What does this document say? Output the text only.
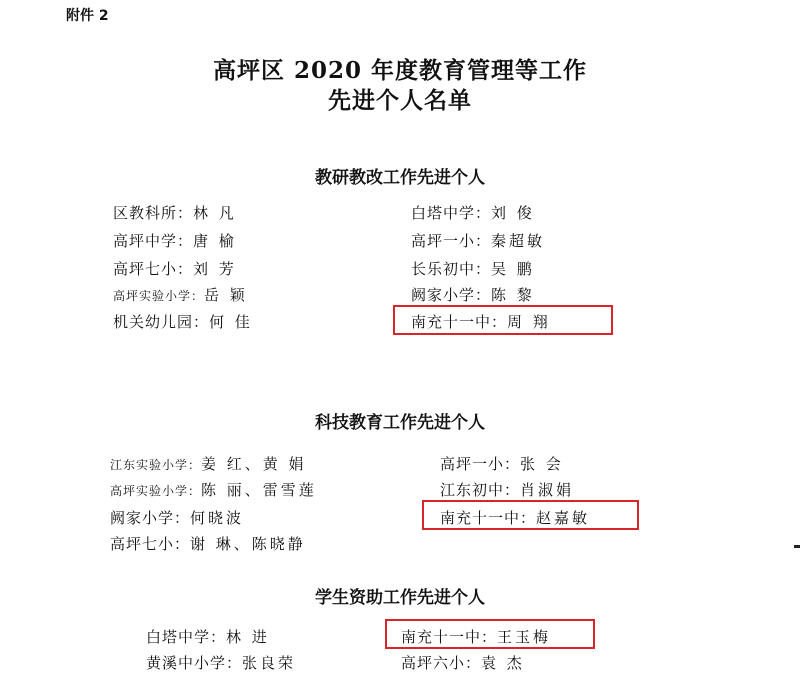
附件 2
高坪区 2020 年度教育管理等工作
先进个人名单
教研教改工作先进个人
区教科所：林 凡	白塔中学：刘 俊
高坪中学：唐 榆	高坪一小：秦超敏
高坪七小：刘 芳	长乐初中：吴 鹏
高坪实验小学：岳 颖	阙家小学：陈 黎
机关幼儿园：何 佳	南充十一中：周 翔
科技教育工作先进个人
江东实验小学：姜 红、黄 娟	高坪一小：张 会
高坪实验小学：陈 丽、雷雪莲	江东初中：肖淑娟
阙家小学：何晓波	南充十一中：赵嘉敏
高坪七小：谢 琳、陈晓静
学生资助工作先进个人
白塔中学：林 进	南充十一中：王玉梅
黄溪中小学：张良荣	高坪六小：袁 杰
